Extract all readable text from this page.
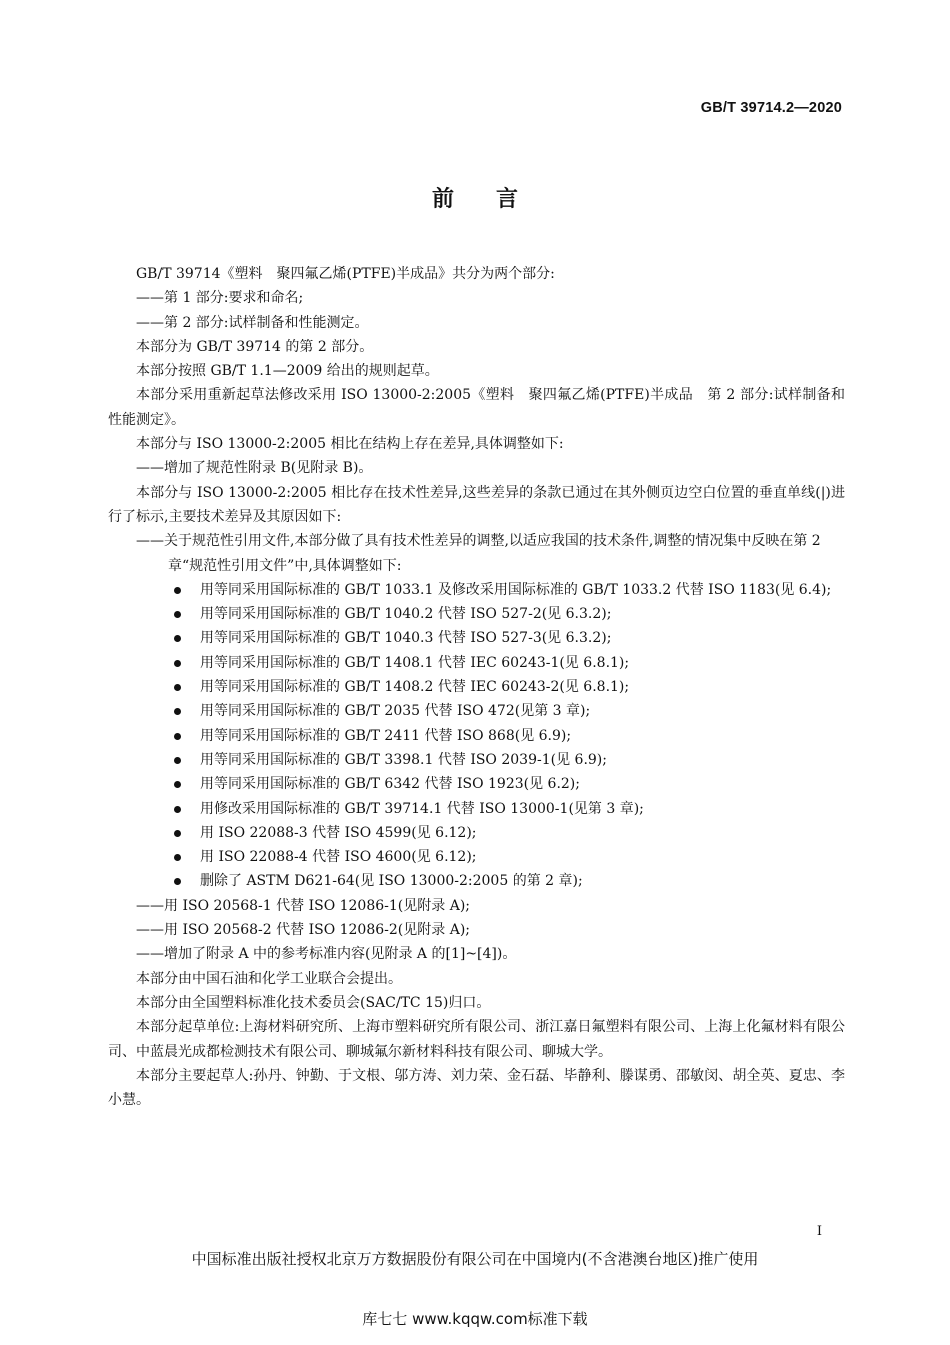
GB/T 39714.2—2020
前言

GB/T 39714《塑料　聚四氟乙烯(PTFE)半成品》共分为两个部分:

——第 1 部分:要求和命名;

——第 2 部分:试样制备和性能测定。

本部分为 GB/T 39714 的第 2 部分。

本部分按照 GB/T 1.1—2009 给出的规则起草。

本部分采用重新起草法修改采用 ISO 13000-2:2005《塑料　聚四氟乙烯(PTFE)半成品　第 2 部分:试样制备和性能测定》。

本部分与 ISO 13000-2:2005 相比在结构上存在差异,具体调整如下:

——增加了规范性附录 B(见附录 B)。

本部分与 ISO 13000-2:2005 相比存在技术性差异,这些差异的条款已通过在其外侧页边空白位置的垂直单线(|)进行了标示,主要技术差异及其原因如下:

——关于规范性引用文件,本部分做了具有技术性差异的调整,以适应我国的技术条件,调整的情况集中反映在第 2 章“规范性引用文件”中,具体调整如下:

用等同采用国际标准的 GB/T 1033.1 及修改采用国际标准的 GB/T 1033.2 代替 ISO 1183(见 6.4);
用等同采用国际标准的 GB/T 1040.2 代替 ISO 527-2(见 6.3.2);
用等同采用国际标准的 GB/T 1040.3 代替 ISO 527-3(见 6.3.2);
用等同采用国际标准的 GB/T 1408.1 代替 IEC 60243-1(见 6.8.1);
用等同采用国际标准的 GB/T 1408.2 代替 IEC 60243-2(见 6.8.1);
用等同采用国际标准的 GB/T 2035 代替 ISO 472(见第 3 章);
用等同采用国际标准的 GB/T 2411 代替 ISO 868(见 6.9);
用等同采用国际标准的 GB/T 3398.1 代替 ISO 2039-1(见 6.9);
用等同采用国际标准的 GB/T 6342 代替 ISO 1923(见 6.2);
用修改采用国际标准的 GB/T 39714.1 代替 ISO 13000-1(见第 3 章);
用 ISO 22088-3 代替 ISO 4599(见 6.12);
用 ISO 22088-4 代替 ISO 4600(见 6.12);
删除了 ASTM D621-64(见 ISO 13000-2:2005 的第 2 章);

——用 ISO 20568-1 代替 ISO 12086-1(见附录 A);

——用 ISO 20568-2 代替 ISO 12086-2(见附录 A);

——增加了附录 A 中的参考标准内容(见附录 A 的[1]~[4])。

本部分由中国石油和化学工业联合会提出。

本部分由全国塑料标准化技术委员会(SAC/TC 15)归口。

本部分起草单位:上海材料研究所、上海市塑料研究所有限公司、浙江嘉日氟塑料有限公司、上海上化氟材料有限公司、中蓝晨光成都检测技术有限公司、聊城氟尔新材料科技有限公司、聊城大学。

本部分主要起草人:孙丹、钟勤、于文根、邬方涛、刘力荣、金石磊、毕静利、滕谋勇、邵敏闵、胡全英、夏忠、李小慧。

I
中国标准出版社授权北京万方数据股份有限公司在中国境内(不含港澳台地区)推广使用
库七七 www.kqqw.com标准下载
